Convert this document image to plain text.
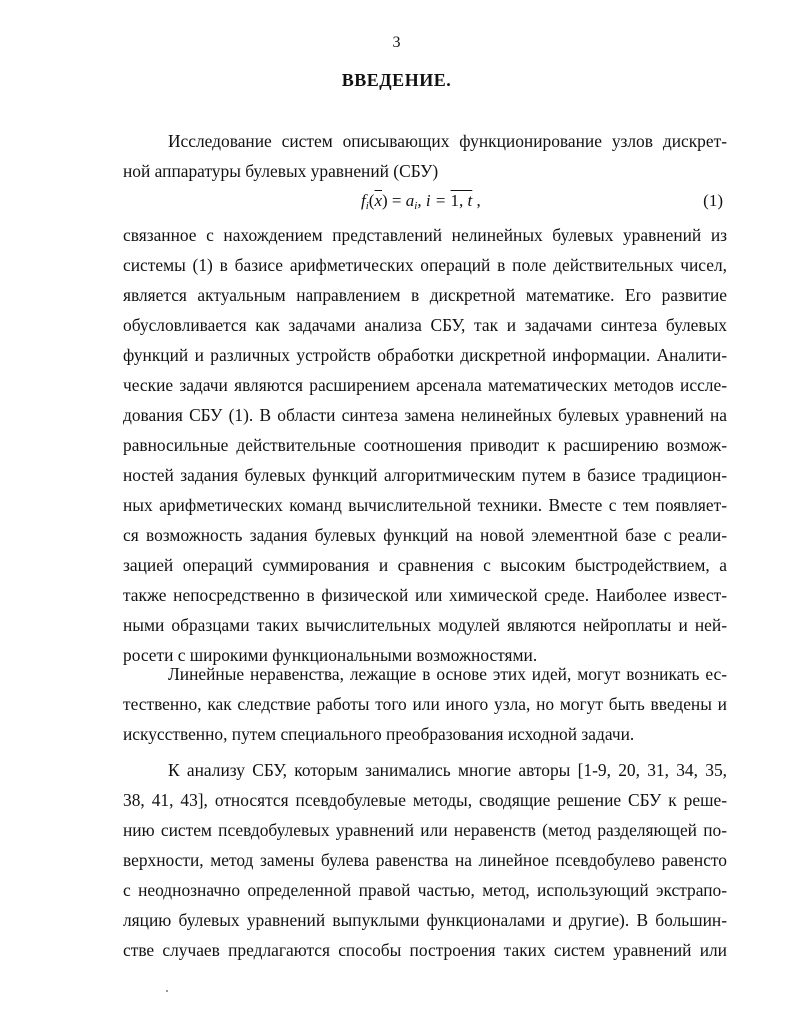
3
ВВЕДЕНИЕ.
Исследование систем описывающих функционирование узлов дискрет-
ной аппаратуры булевых уравнений (СБУ)
$f_i(\overline{x}) = a_i$, i = 1, $\overline{t}$ ,	(1)
связанное с нахождением представлений нелинейных булевых уравнений из
системы (1) в базисе арифметических операций в поле действительных чисел,
является актуальным направлением в дискретной математике. Его развитие
обусловливается как задачами анализа СБУ, так и задачами синтеза булевых
функций и различных устройств обработки дискретной информации. Аналити-
ческие задачи являются расширением арсенала математических методов иссле-
дования СБУ (1). В области синтеза замена нелинейных булевых уравнений на
равносильные действительные соотношения приводит к расширению возмож-
ностей задания булевых функций алгоритмическим путем в базисе традицион-
ных арифметических команд вычислительной техники. Вместе с тем появляет-
ся возможность задания булевых функций на новой элементной базе с реали-
зацией операций суммирования и сравнения с высоким быстродействием, а
также непосредственно в физической или химической среде. Наиболее извест-
ными образцами таких вычислительных модулей являются нейроплаты и ней-
росети с широкими функциональными возможностями.
Линейные неравенства, лежащие в основе этих идей, могут возникать ес-
тественно, как следствие работы того или иного узла, но могут быть введены и
искусственно, путем специального преобразования исходной задачи.
К анализу СБУ, которым занимались многие авторы [1-9, 20, 31, 34, 35,
38, 41, 43], относятся псевдобулевые методы, сводящие решение СБУ к реше-
нию систем псевдобулевых уравнений или неравенств (метод разделяющей по-
верхности, метод замены булева равенства на линейное псевдобулево равенсто
с неоднозначно определенной правой частью, метод, использующий экстрапо-
ляцию булевых уравнений выпуклыми функционалами и другие). В большин-
стве случаев предлагаются способы построения таких систем уравнений или
